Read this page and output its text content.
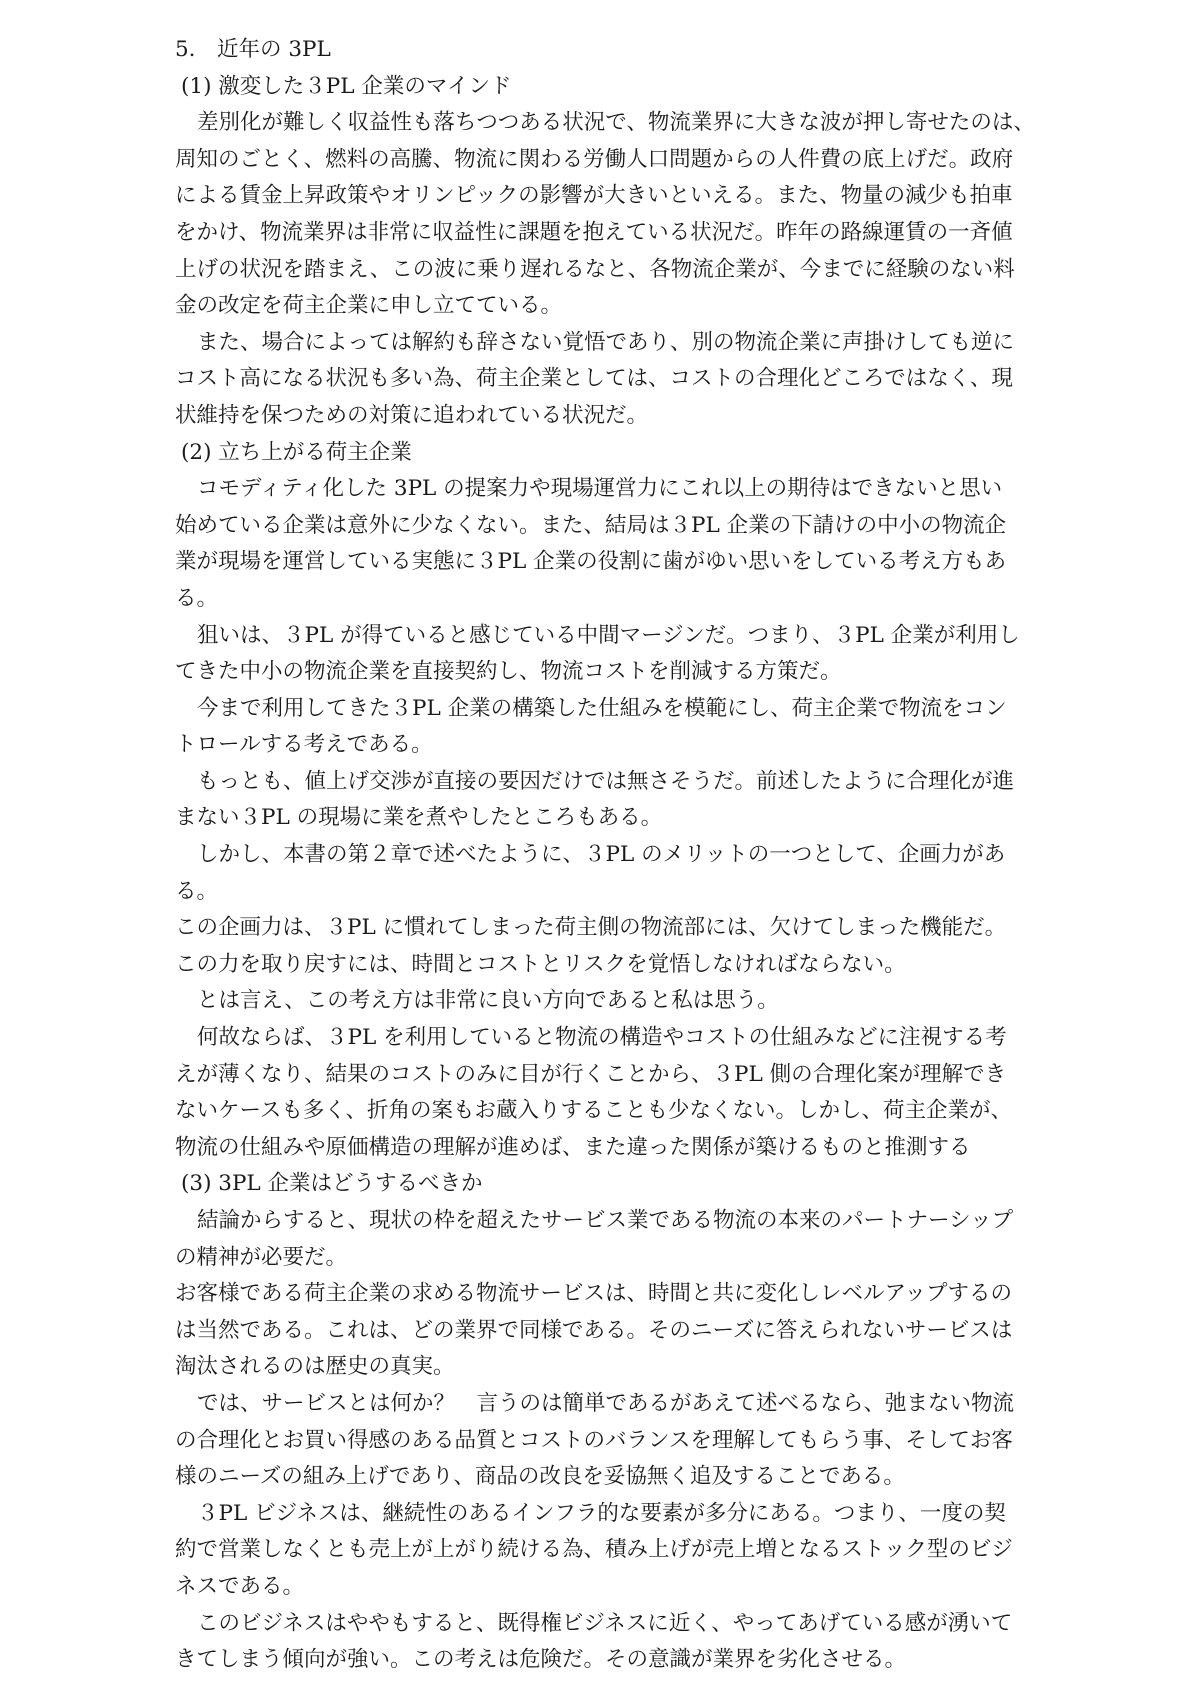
5.　近年の 3PL
(1) 激変した３PL 企業のマインド
差別化が難しく収益性も落ちつつある状況で、物流業界に大きな波が押し寄せたのは、
周知のごとく、燃料の高騰、物流に関わる労働人口問題からの人件費の底上げだ。政府
による賃金上昇政策やオリンピックの影響が大きいといえる。また、物量の減少も拍車
をかけ、物流業界は非常に収益性に課題を抱えている状況だ。昨年の路線運賃の一斉値
上げの状況を踏まえ、この波に乗り遅れるなと、各物流企業が、今までに経験のない料
金の改定を荷主企業に申し立てている。
また、場合によっては解約も辞さない覚悟であり、別の物流企業に声掛けしても逆に
コスト高になる状況も多い為、荷主企業としては、コストの合理化どころではなく、現
状維持を保つための対策に追われている状況だ。
(2) 立ち上がる荷主企業
コモディティ化した 3PL の提案力や現場運営力にこれ以上の期待はできないと思い
始めている企業は意外に少なくない。また、結局は３PL 企業の下請けの中小の物流企
業が現場を運営している実態に３PL 企業の役割に歯がゆい思いをしている考え方もあ
る。
狙いは、３PL が得ていると感じている中間マージンだ。つまり、３PL 企業が利用し
てきた中小の物流企業を直接契約し、物流コストを削減する方策だ。
今まで利用してきた３PL 企業の構築した仕組みを模範にし、荷主企業で物流をコン
トロールする考えである。
もっとも、値上げ交渉が直接の要因だけでは無さそうだ。前述したように合理化が進
まない３PL の現場に業を煮やしたところもある。
しかし、本書の第２章で述べたように、３PL のメリットの一つとして、企画力があ
る。
この企画力は、３PL に慣れてしまった荷主側の物流部には、欠けてしまった機能だ。
この力を取り戻すには、時間とコストとリスクを覚悟しなければならない。
とは言え、この考え方は非常に良い方向であると私は思う。
何故ならば、３PL を利用していると物流の構造やコストの仕組みなどに注視する考
えが薄くなり、結果のコストのみに目が行くことから、３PL 側の合理化案が理解でき
ないケースも多く、折角の案もお蔵入りすることも少なくない。しかし、荷主企業が、
物流の仕組みや原価構造の理解が進めば、また違った関係が築けるものと推測する
(3) 3PL 企業はどうするべきか
結論からすると、現状の枠を超えたサービス業である物流の本来のパートナーシップ
の精神が必要だ。
お客様である荷主企業の求める物流サービスは、時間と共に変化しレベルアップするの
は当然である。これは、どの業界で同様である。そのニーズに答えられないサービスは
淘汰されるのは歴史の真実。
では、サービスとは何か？　言うのは簡単であるがあえて述べるなら、弛まない物流
の合理化とお買い得感のある品質とコストのバランスを理解してもらう事、そしてお客
様のニーズの組み上げであり、商品の改良を妥協無く追及することである。
３PL ビジネスは、継続性のあるインフラ的な要素が多分にある。つまり、一度の契
約で営業しなくとも売上が上がり続ける為、積み上げが売上増となるストック型のビジ
ネスである。
このビジネスはややもすると、既得権ビジネスに近く、やってあげている感が湧いて
きてしまう傾向が強い。この考えは危険だ。その意識が業界を劣化させる。
